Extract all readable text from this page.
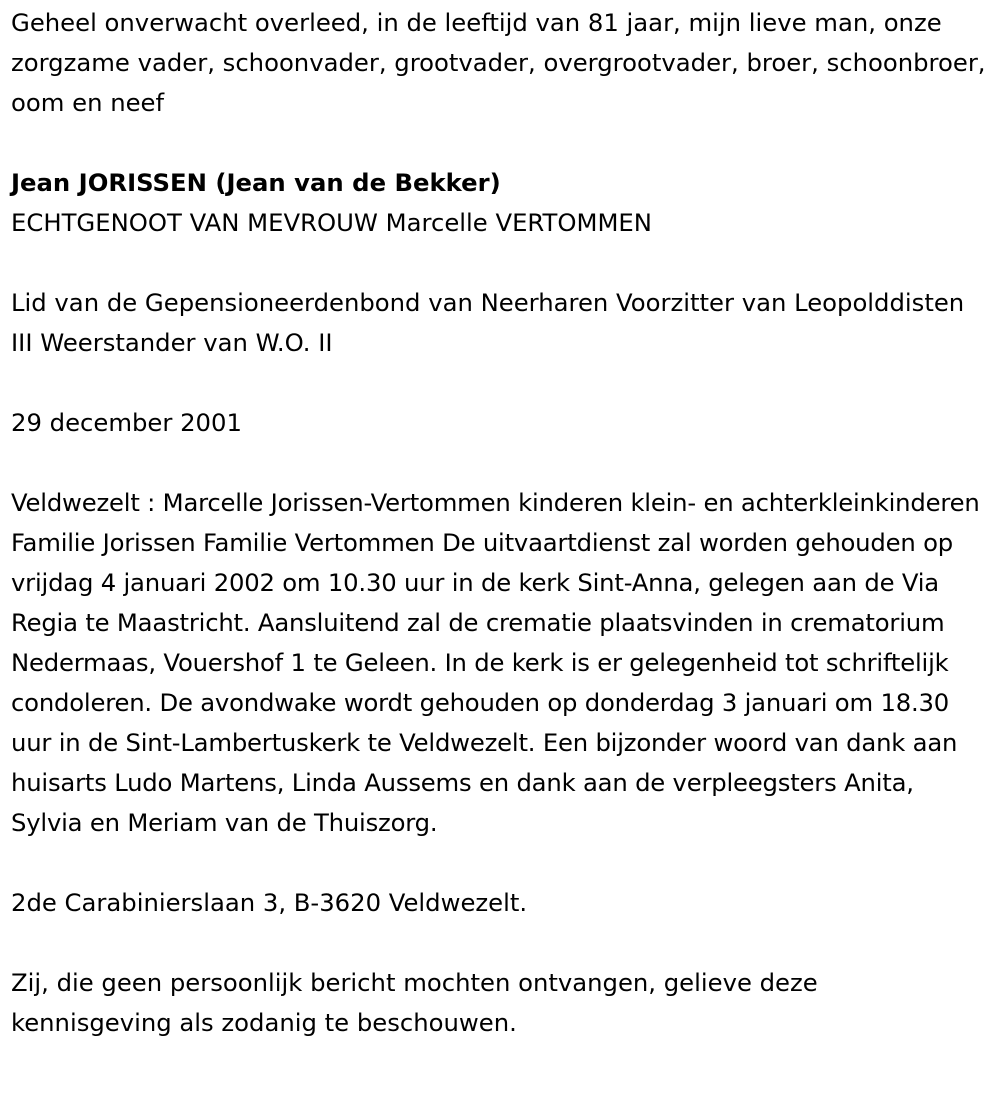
Geheel onverwacht overleed, in de leeftijd van 81 jaar, mijn lieve man, onze zorgzame vader, schoonvader, grootvader, overgrootvader, broer, schoonbroer, oom en neef

Jean JORISSEN (Jean van de Bekker)

ECHTGENOOT VAN MEVROUW Marcelle VERTOMMEN

Lid van de Gepensioneerdenbond van Neerharen Voorzitter van Leopolddisten III Weerstander van W.O. II

29 december 2001

Veldwezelt : Marcelle Jorissen-Vertommen kinderen klein- en achterkleinkinderen Familie Jorissen Familie Vertommen De uitvaartdienst zal worden gehouden op vrijdag 4 januari 2002 om 10.30 uur in de kerk Sint-Anna, gelegen aan de Via Regia te Maastricht. Aansluitend zal de crematie plaatsvinden in crematorium Nedermaas, Vouershof 1 te Geleen. In de kerk is er gelegenheid tot schriftelijk condoleren. De avondwake wordt gehouden op donderdag 3 januari om 18.30 uur in de Sint-Lambertuskerk te Veldwezelt. Een bijzonder woord van dank aan huisarts Ludo Martens, Linda Aussems en dank aan de verpleegsters Anita, Sylvia en Meriam van de Thuiszorg.

2de Carabinierslaan 3, B-3620 Veldwezelt.

Zij, die geen persoonlijk bericht mochten ontvangen, gelieve deze kennisgeving als zodanig te beschouwen.
